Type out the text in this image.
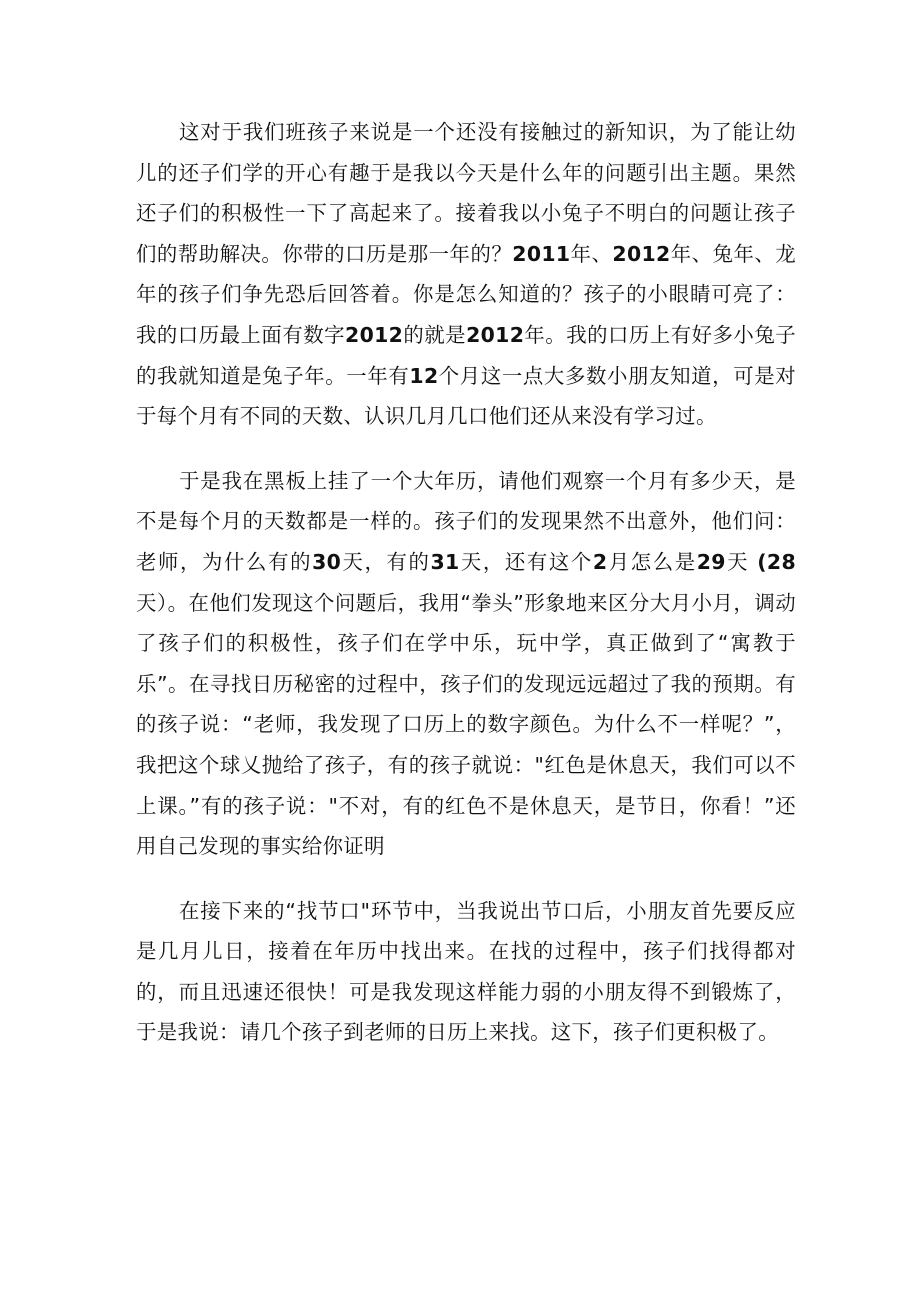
这对于我们班孩子来说是一个还没有接触过的新知识，为了能让幼儿的还子们学的开心有趣于是我以今天是什么年的问题引出主题。果然还子们的积极性一下了高起来了。接着我以小兔子不明白的问题让孩子们的帮助解决。你带的口历是那一年的？2011年、2012年、兔年、龙年的孩子们争先恐后回答着。你是怎么知道的？孩子的小眼睛可亮了：我的口历最上面有数字2012的就是2012年。我的口历上有好多小兔子的我就知道是兔子年。一年有12个月这一点大多数小朋友知道，可是对于每个月有不同的天数、认识几月几口他们还从来没有学习过。

于是我在黑板上挂了一个大年历，请他们观察一个月有多少天，是不是每个月的天数都是一样的。孩子们的发现果然不出意外，他们问：老师，为什么有的30天，有的31天，还有这个2月怎么是29天 (28天）。在他们发现这个问题后，我用“拳头”形象地来区分大月小月，调动了孩子们的积极性，孩子们在学中乐，玩中学，真正做到了“寓教于乐”。在寻找日历秘密的过程中，孩子们的发现远远超过了我的预期。有的孩子说：“老师，我发现了口历上的数字颜色。为什么不一样呢？”，我把这个球乂抛给了孩子，有的孩子就说："红色是休息天，我们可以不上课。”有的孩子说："不对，有的红色不是休息天，是节日，你看！”还用自己发现的事实给你证明

在接下来的“找节口"环节中，当我说出节口后，小朋友首先要反应是几月儿日，接着在年历中找出来。在找的过程中，孩子们找得都对的，而且迅速还很快！可是我发现这样能力弱的小朋友得不到锻炼了，于是我说：请几个孩子到老师的日历上来找。这下，孩子们更积极了。
